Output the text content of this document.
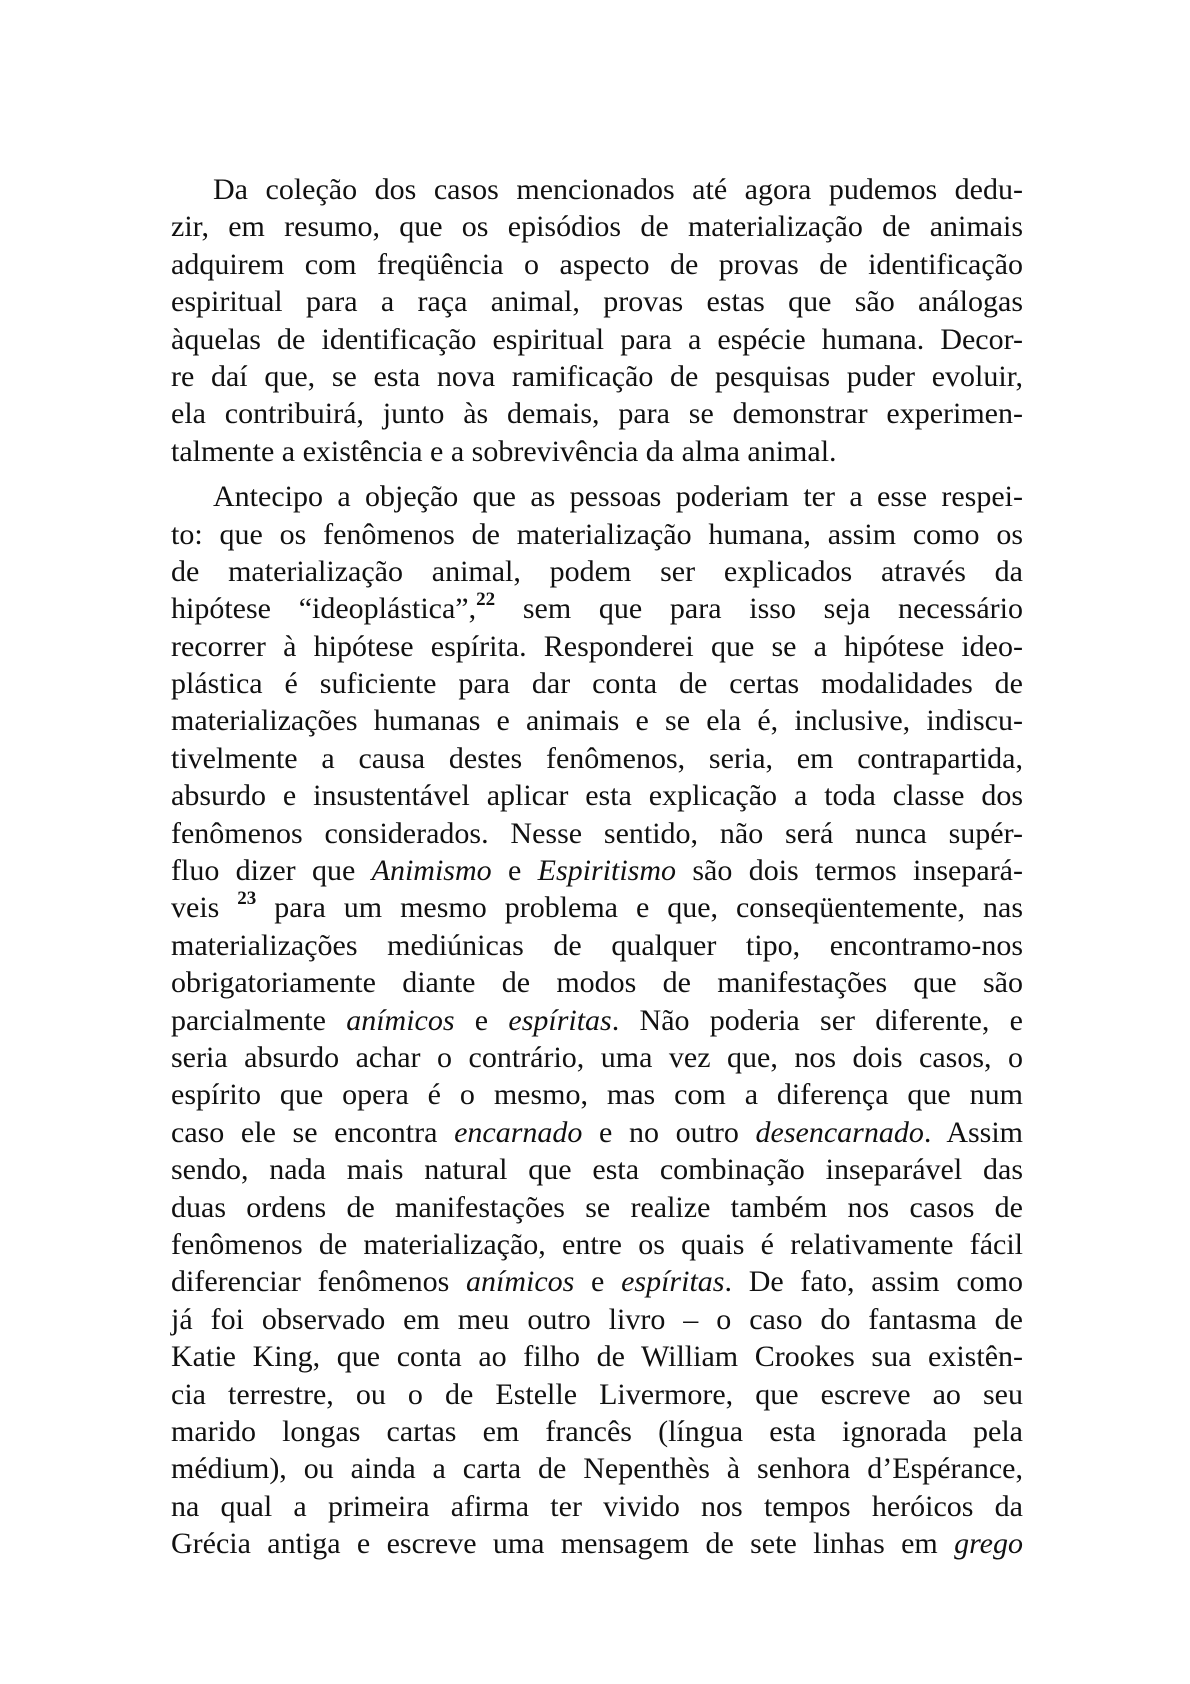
Da coleção dos casos mencionados até agora pudemos dedu-
zir, em resumo, que os episódios de materialização de animais
adquirem com freqüência o aspecto de provas de identificação
espiritual para a raça animal, provas estas que são análogas
àquelas de identificação espiritual para a espécie humana. Decor-
re daí que, se esta nova ramificação de pesquisas puder evoluir,
ela contribuirá, junto às demais, para se demonstrar experimen-
talmente a existência e a sobrevivência da alma animal.
Antecipo a objeção que as pessoas poderiam ter a esse respei-
to: que os fenômenos de materialização humana, assim como os
de materialização animal, podem ser explicados através da
hipótese “ideoplástica”,$^{22}$ sem que para isso seja necessário
recorrer à hipótese espírita. Responderei que se a hipótese ideo-
plástica é suficiente para dar conta de certas modalidades de
materializações humanas e animais e se ela é, inclusive, indiscu-
tivelmente a causa destes fenômenos, seria, em contrapartida,
absurdo e insustentável aplicar esta explicação a toda classe dos
fenômenos considerados. Nesse sentido, não será nunca supér-
fluo dizer que Animismo e Espiritismo são dois termos insepará-
veis $^{23}$ para um mesmo problema e que, conseqüentemente, nas
materializações mediúnicas de qualquer tipo, encontramo-nos
obrigatoriamente diante de modos de manifestações que são
parcialmente anímicos e espíritas. Não poderia ser diferente, e
seria absurdo achar o contrário, uma vez que, nos dois casos, o
espírito que opera é o mesmo, mas com a diferença que num
caso ele se encontra encarnado e no outro desencarnado. Assim
sendo, nada mais natural que esta combinação inseparável das
duas ordens de manifestações se realize também nos casos de
fenômenos de materialização, entre os quais é relativamente fácil
diferenciar fenômenos anímicos e espíritas. De fato, assim como
já foi observado em meu outro livro – o caso do fantasma de
Katie King, que conta ao filho de William Crookes sua existên-
cia terrestre, ou o de Estelle Livermore, que escreve ao seu
marido longas cartas em francês (língua esta ignorada pela
médium), ou ainda a carta de Nepenthès à senhora d’Espérance,
na qual a primeira afirma ter vivido nos tempos heróicos da
Grécia antiga e escreve uma mensagem de sete linhas em grego
